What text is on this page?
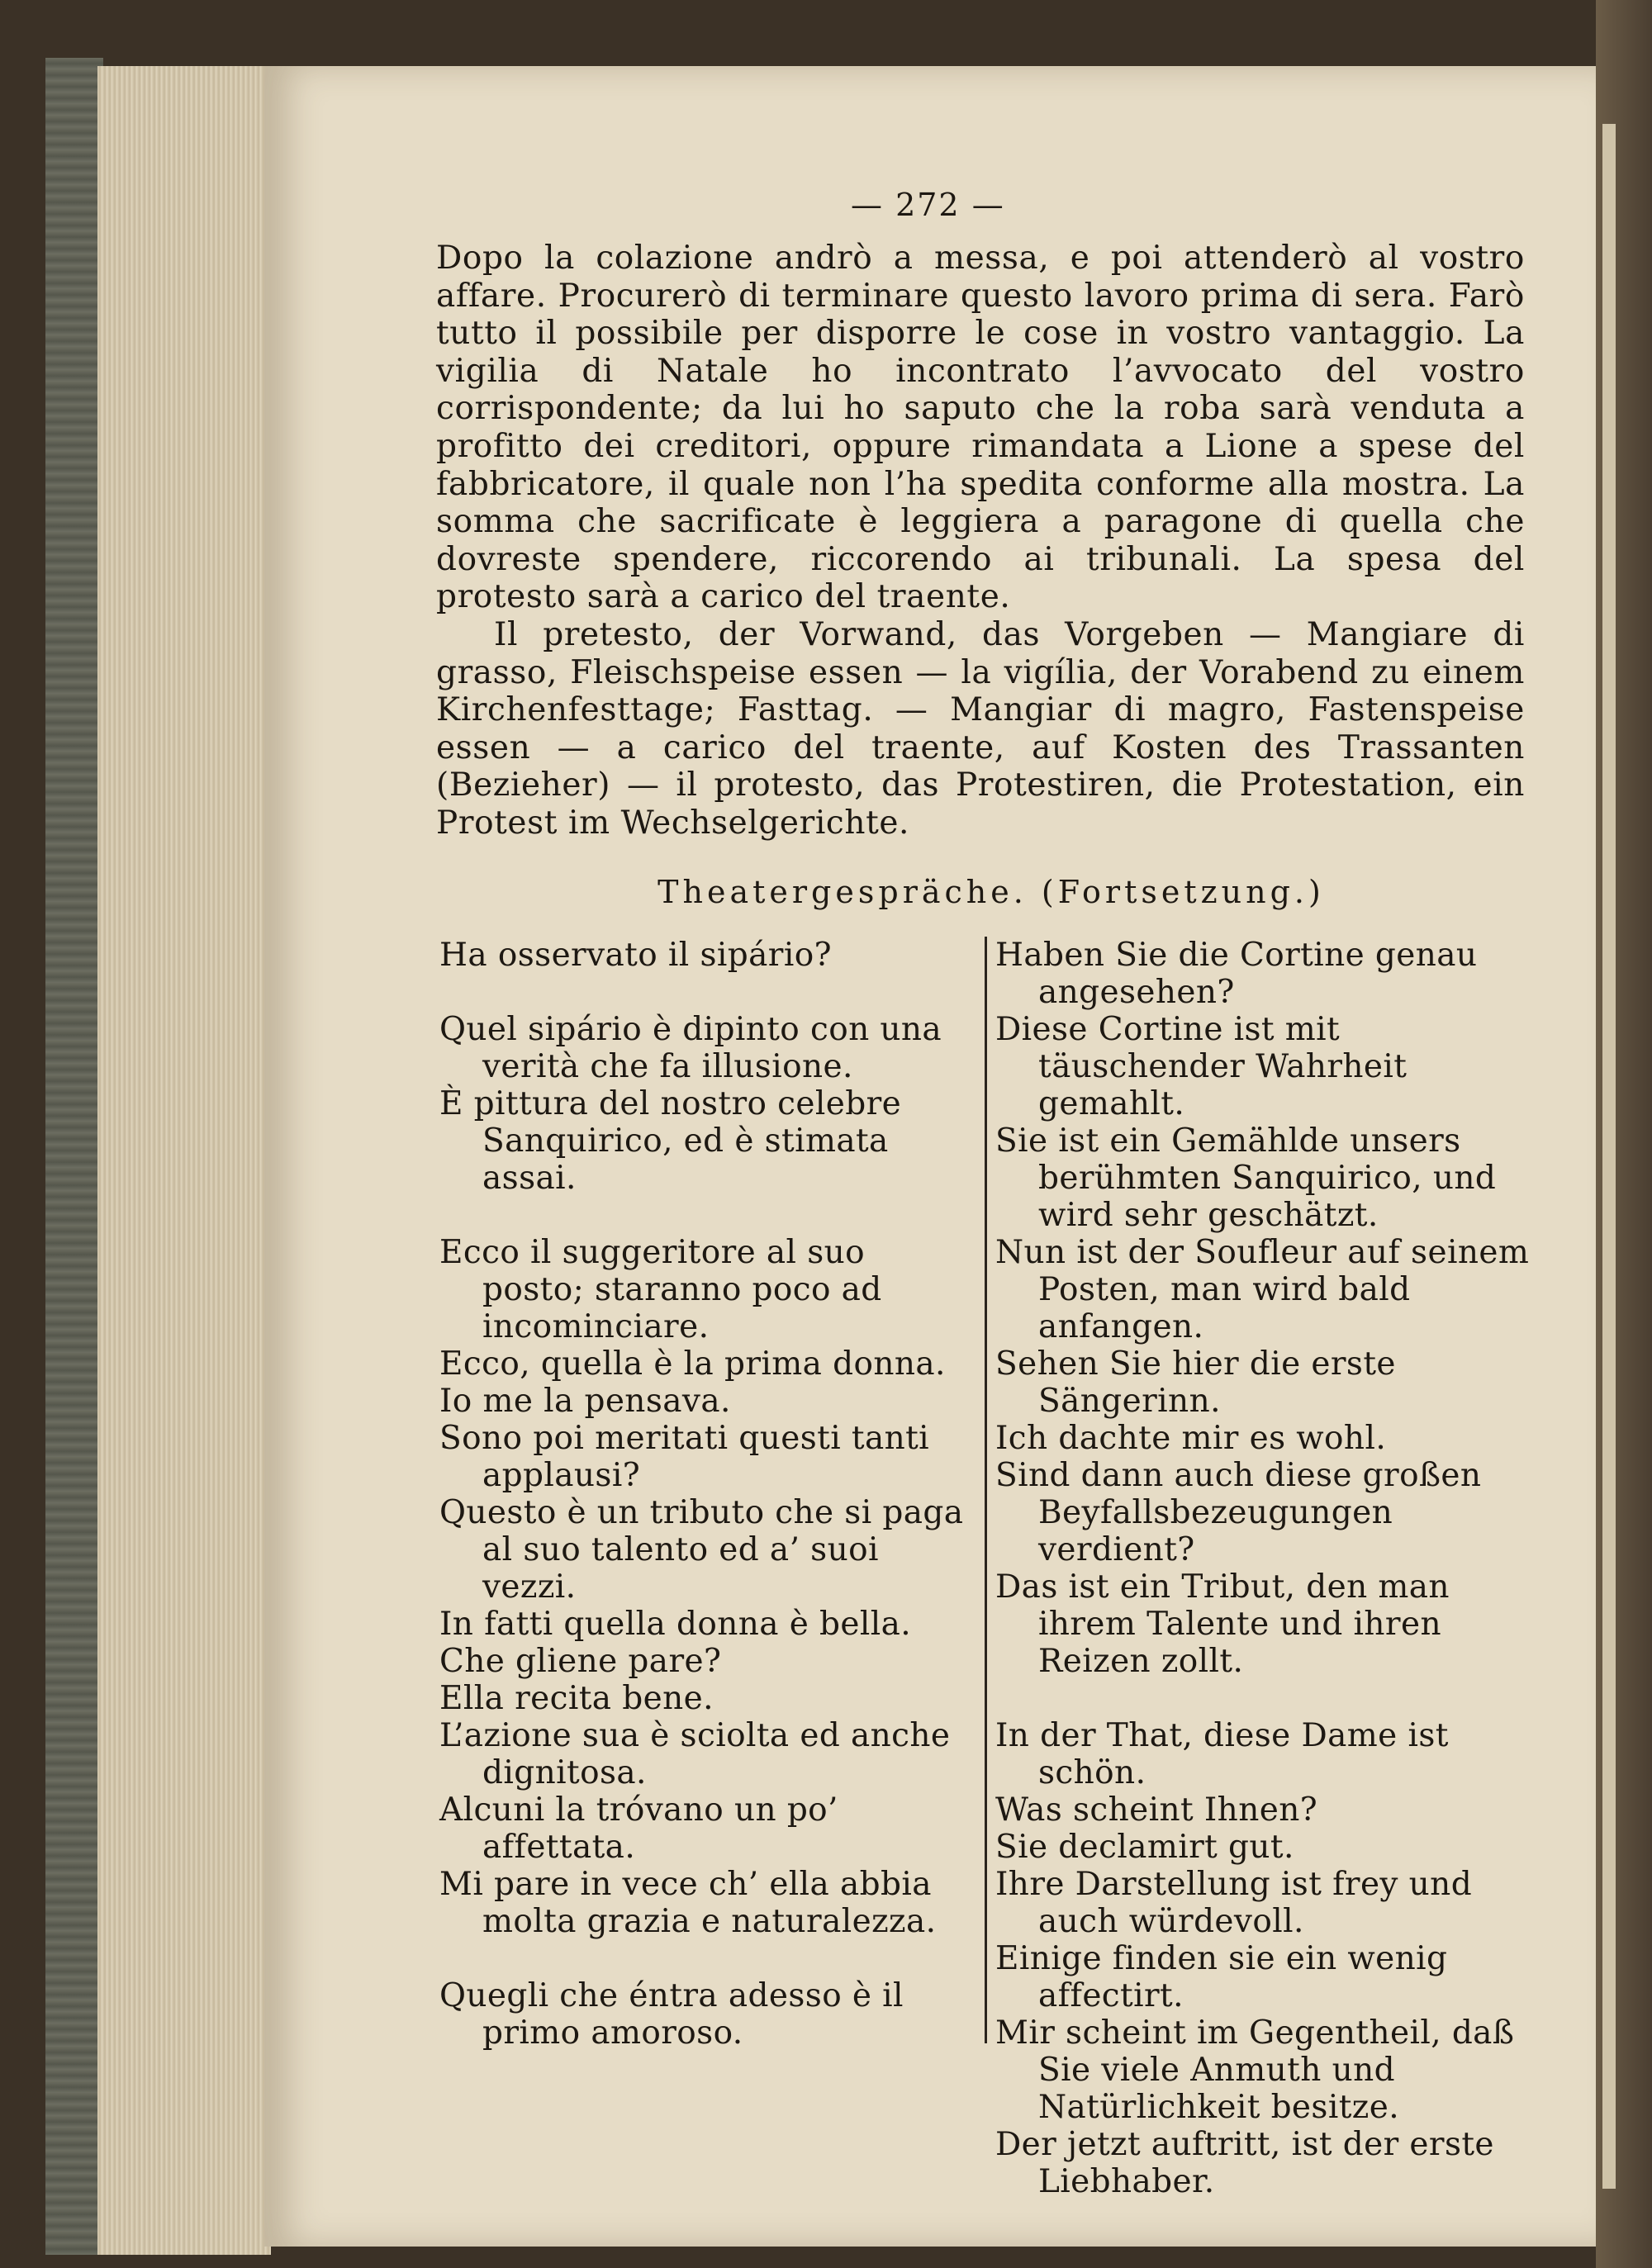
— 272 —

Dopo la colazione andrò a messa, e poi attenderò al vostro affare. Procurerò di terminare questo lavoro prima di sera. Farò tutto il possibile per disporre le cose in vostro vantaggio. La vigilia di Natale ho incontrato l’avvocato del vostro corrispondente; da lui ho saputo che la roba sarà venduta a profitto dei creditori, oppure rimandata a Lione a spese del fabbricatore, il quale non l’ha spedita conforme alla mostra. La somma che sacrificate è leggiera a paragone di quella che dovreste spendere, riccorendo ai tribunali. La spesa del protesto sarà a carico del traente.

Il pretesto, der Vorwand, das Vorgeben — Mangiare di grasso, Fleischspeise essen — la vigília, der Vorabend zu einem Kirchenfesttage; Fasttag. — Mangiar di magro, Fastenspeise essen — a carico del traente, auf Kosten des Trassanten (Bezieher) — il protesto, das Protestiren, die Protestation, ein Protest im Wechselgerichte.

Theatergespräche. (Fortsetzung.)
Ha osservato il sipário?
Quel sipário è dipinto con una verità che fa illusione.
È pittura del nostro celebre Sanquirico, ed è stimata assai.
Ecco il suggeritore al suo posto; staranno poco ad incominciare.
Ecco, quella è la prima donna.
Io me la pensava.
Sono poi meritati questi tanti applausi?
Questo è un tributo che si paga al suo talento ed a’ suoi vezzi.
In fatti quella donna è bella.
Che gliene pare?
Ella recita bene.
L’azione sua è sciolta ed anche dignitosa.
Alcuni la tróvano un po’ affettata.
Mi pare in vece ch’ ella abbia molta grazia e naturalezza.
Quegli che éntra adesso è il primo amoroso.
Haben Sie die Cortine genau angesehen?
Diese Cortine ist mit täuschender Wahrheit gemahlt.
Sie ist ein Gemählde unsers berühmten Sanquirico, und wird sehr geschätzt.
Nun ist der Soufleur auf seinem Posten, man wird bald anfangen.
Sehen Sie hier die erste Sängerinn.
Ich dachte mir es wohl.
Sind dann auch diese großen Beyfallsbezeugungen verdient?
Das ist ein Tribut, den man ihrem Talente und ihren Reizen zollt.
In der That, diese Dame ist schön.
Was scheint Ihnen?
Sie declamirt gut.
Ihre Darstellung ist frey und auch würdevoll.
Einige finden sie ein wenig affectirt.
Mir scheint im Gegentheil, daß Sie viele Anmuth und Natürlichkeit besitze.
Der jetzt auftritt, ist der erste Liebhaber.
